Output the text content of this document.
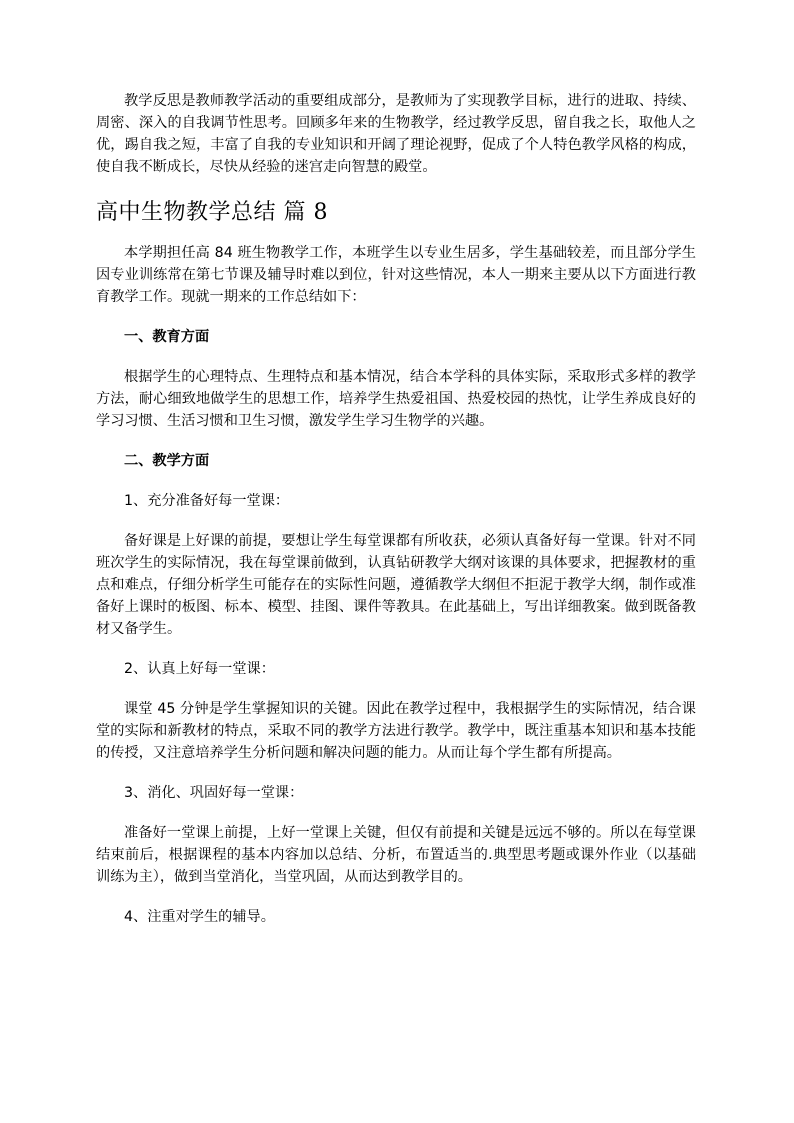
教学反思是教师教学活动的重要组成部分，是教师为了实现教学目标，进行的进取、持续、周密、深入的自我调节性思考。回顾多年来的生物教学，经过教学反思，留自我之长，取他人之优，踢自我之短，丰富了自我的专业知识和开阔了理论视野，促成了个人特色教学风格的构成，使自我不断成长，尽快从经验的迷宫走向智慧的殿堂。

高中生物教学总结 篇 8

本学期担任高 84 班生物教学工作，本班学生以专业生居多，学生基础较差，而且部分学生因专业训练常在第七节课及辅导时难以到位，针对这些情况，本人一期来主要从以下方面进行教育教学工作。现就一期来的工作总结如下：

一、教育方面

根据学生的心理特点、生理特点和基本情况，结合本学科的具体实际，采取形式多样的教学方法，耐心细致地做学生的思想工作，培养学生热爱祖国、热爱校园的热忱，让学生养成良好的学习习惯、生活习惯和卫生习惯，激发学生学习生物学的兴趣。

二、教学方面

1、充分准备好每一堂课：

备好课是上好课的前提，要想让学生每堂课都有所收获，必须认真备好每一堂课。针对不同班次学生的实际情况，我在每堂课前做到，认真钻研教学大纲对该课的具体要求，把握教材的重点和难点，仔细分析学生可能存在的实际性问题，遵循教学大纲但不拒泥于教学大纲，制作或准备好上课时的板图、标本、模型、挂图、课件等教具。在此基础上，写出详细教案。做到既备教材又备学生。

2、认真上好每一堂课：

课堂 45 分钟是学生掌握知识的关键。因此在教学过程中，我根据学生的实际情况，结合课堂的实际和新教材的特点，采取不同的教学方法进行教学。教学中，既注重基本知识和基本技能的传授，又注意培养学生分析问题和解决问题的能力。从而让每个学生都有所提高。

3、消化、巩固好每一堂课：

准备好一堂课上前提，上好一堂课上关键，但仅有前提和关键是远远不够的。所以在每堂课结束前后，根据课程的基本内容加以总结、分析，布置适当的.典型思考题或课外作业（以基础训练为主），做到当堂消化，当堂巩固，从而达到教学目的。

4、注重对学生的辅导。
